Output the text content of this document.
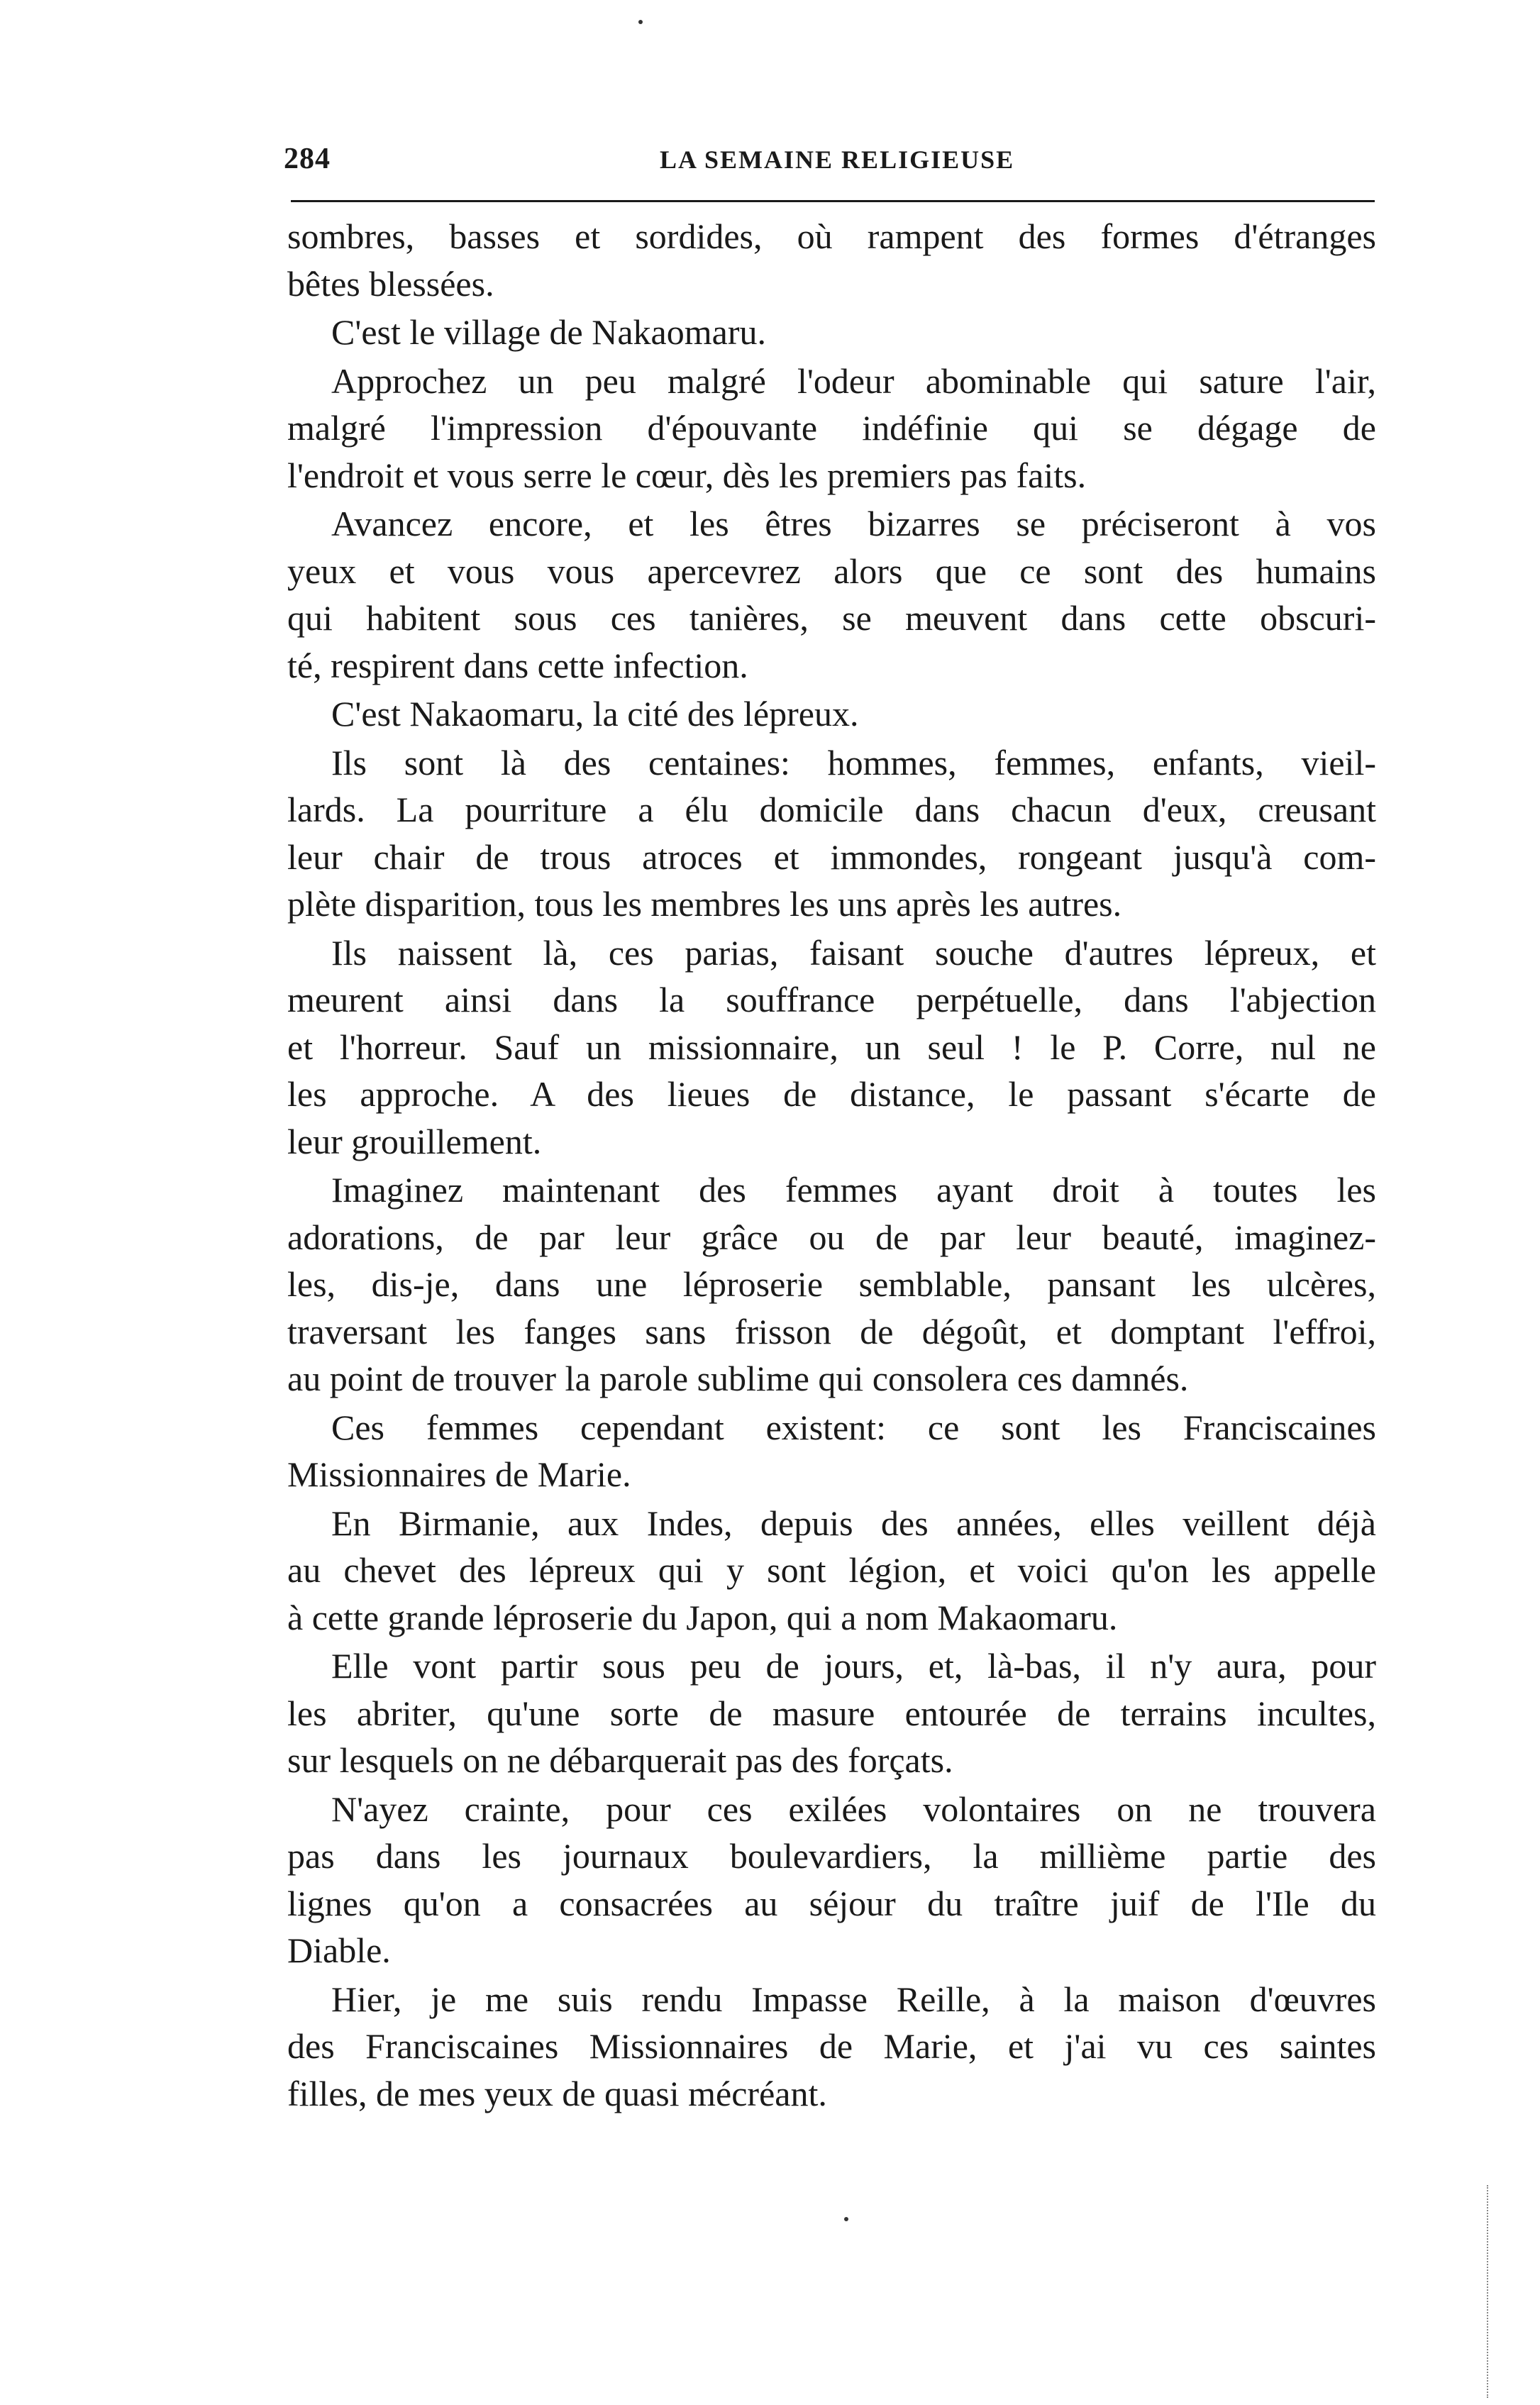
284	LA SEMAINE RELIGIEUSE
sombres, basses et sordides, où rampent des formes d'étranges
bêtes blessées.
C'est le village de Nakaomaru.
Approchez un peu malgré l'odeur abominable qui sature l'air,
malgré l'impression d'épouvante indéfinie qui se dégage de
l'endroit et vous serre le cœur, dès les premiers pas faits.
Avancez encore, et les êtres bizarres se préciseront à vos
yeux et vous vous apercevrez alors que ce sont des humains
qui habitent sous ces tanières, se meuvent dans cette obscuri-
té, respirent dans cette infection.
C'est Nakaomaru, la cité des lépreux.
Ils sont là des centaines: hommes, femmes, enfants, vieil-
lards. La pourriture a élu domicile dans chacun d'eux, creusant
leur chair de trous atroces et immondes, rongeant jusqu'à com-
plète disparition, tous les membres les uns après les autres.
Ils naissent là, ces parias, faisant souche d'autres lépreux, et
meurent ainsi dans la souffrance perpétuelle, dans l'abjection
et l'horreur. Sauf un missionnaire, un seul ! le P. Corre, nul ne
les approche. A des lieues de distance, le passant s'écarte de
leur grouillement.
Imaginez maintenant des femmes ayant droit à toutes les
adorations, de par leur grâce ou de par leur beauté, imaginez-
les, dis-je, dans une léproserie semblable, pansant les ulcères,
traversant les fanges sans frisson de dégoût, et domptant l'effroi,
au point de trouver la parole sublime qui consolera ces damnés.
Ces femmes cependant existent: ce sont les Franciscaines
Missionnaires de Marie.
En Birmanie, aux Indes, depuis des années, elles veillent déjà
au chevet des lépreux qui y sont légion, et voici qu'on les appelle
à cette grande léproserie du Japon, qui a nom Makaomaru.
Elle vont partir sous peu de jours, et, là-bas, il n'y aura, pour
les abriter, qu'une sorte de masure entourée de terrains incultes,
sur lesquels on ne débarquerait pas des forçats.
N'ayez crainte, pour ces exilées volontaires on ne trouvera
pas dans les journaux boulevardiers, la millième partie des
lignes qu'on a consacrées au séjour du traître juif de l'Ile du
Diable.
Hier, je me suis rendu Impasse Reille, à la maison d'œuvres
des Franciscaines Missionnaires de Marie, et j'ai vu ces saintes
filles, de mes yeux de quasi mécréant.
